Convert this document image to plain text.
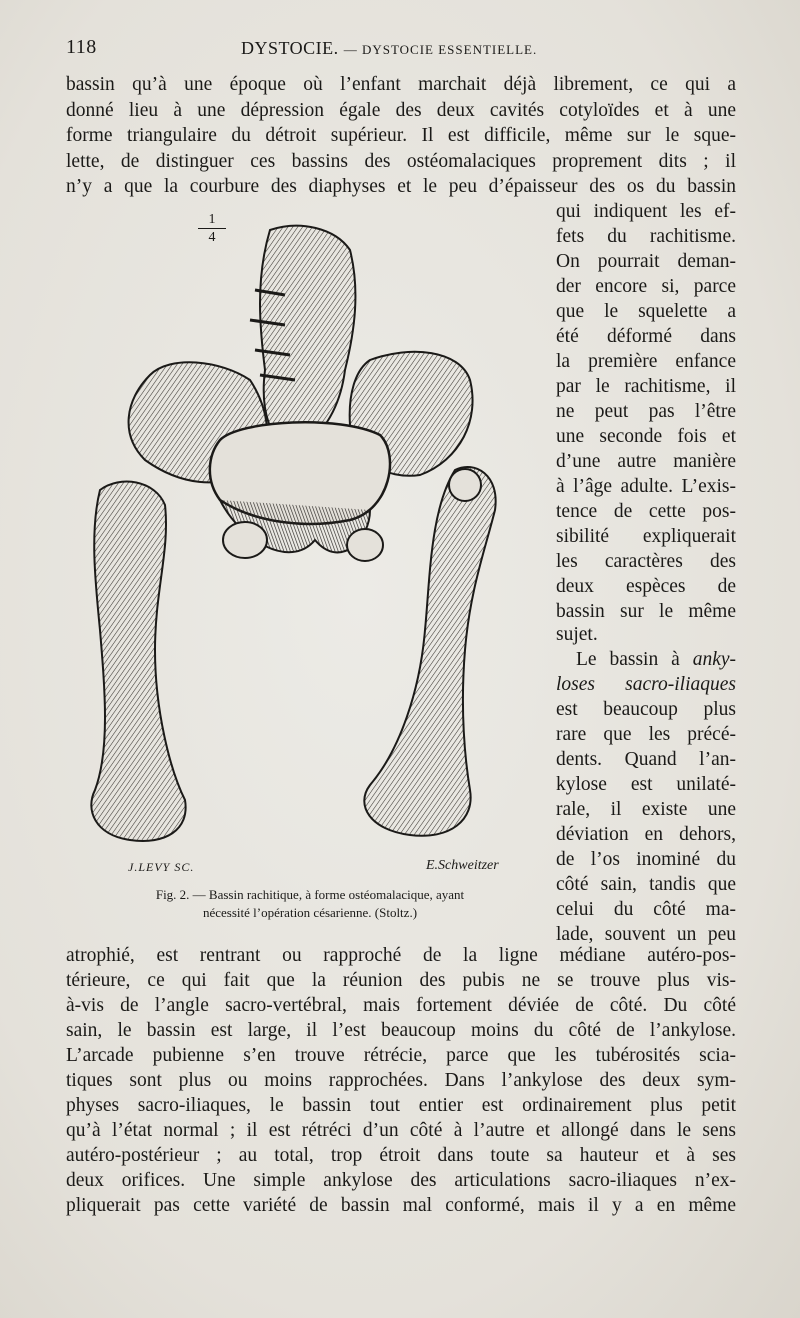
118	DYSTOCIE. — DYSTOCIE ESSENTIELLE.
bassin qu’à une époque où l’enfant marchait déjà librement, ce qui a
donné lieu à une dépression égale des deux cavités cotyloïdes et à une
forme triangulaire du détroit supérieur. Il est difficile, même sur le sque-
lette, de distinguer ces bassins des ostéomalaciques proprement dits ; il
n’y a que la courbure des diaphyses et le peu d’épaisseur des os du bassin
qui indiquent les ef-
fets du rachitisme.
On pourrait deman-
der encore si, parce
que le squelette a
été déformé dans
la première enfance
par le rachitisme, il
ne peut pas l’être
une seconde fois et
d’une autre manière
à l’âge adulte. L’exis-
tence de cette pos-
sibilité expliquerait
les caractères des
deux espèces de
bassin sur le même
sujet.
Le bassin à anky-
loses sacro-iliaques
est beaucoup plus
rare que les précé-
dents. Quand l’an-
kylose est unilaté-
rale, il existe une
déviation en dehors,
de l’os inominé du
côté sain, tandis que
celui du côté ma-
lade, souvent un peu
1
4
J.LEVY SC.	E.Schweitzer
Fig. 2. — Bassin rachitique, à forme ostéomalacique, ayant
nécessité l’opération césarienne. (Stoltz.)
atrophié, est rentrant ou rapproché de la ligne médiane autéro-pos-
térieure, ce qui fait que la réunion des pubis ne se trouve plus vis-
à-vis de l’angle sacro-vertébral, mais fortement déviée de côté. Du côté
sain, le bassin est large, il l’est beaucoup moins du côté de l’ankylose.
L’arcade pubienne s’en trouve rétrécie, parce que les tubérosités scia-
tiques sont plus ou moins rapprochées. Dans l’ankylose des deux sym-
physes sacro-iliaques, le bassin tout entier est ordinairement plus petit
qu’à l’état normal ; il est rétréci d’un côté à l’autre et allongé dans le sens
autéro-postérieur ; au total, trop étroit dans toute sa hauteur et à ses
deux orifices. Une simple ankylose des articulations sacro-iliaques n’ex-
pliquerait pas cette variété de bassin mal conformé, mais il y a en même
